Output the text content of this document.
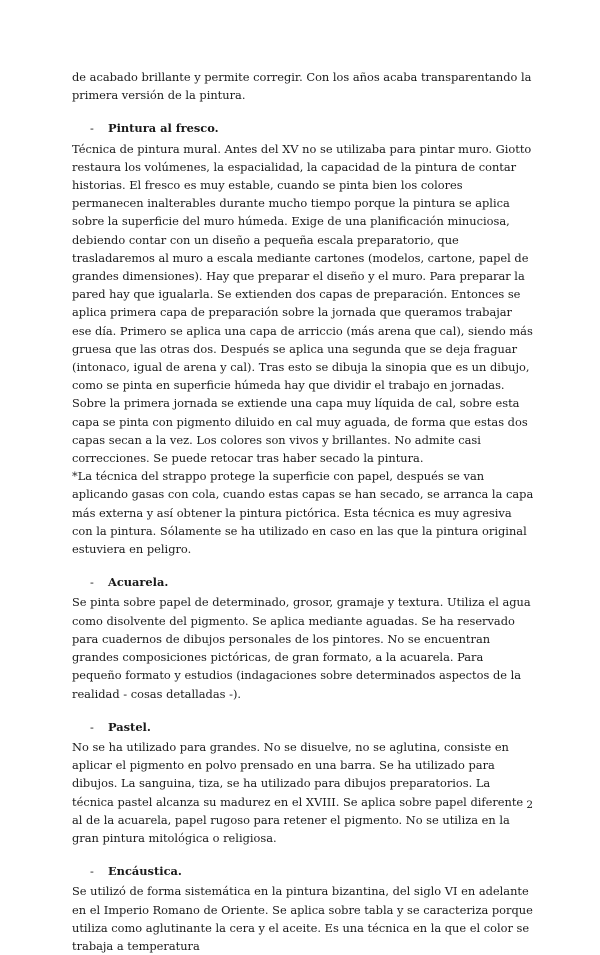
de acabado brillante y permite corregir. Con los años acaba transparentando la primera versión de la pintura.

-	Pintura al fresco.

Técnica de pintura mural. Antes del XV no se utilizaba para pintar muro. Giotto restaura los volúmenes, la espacialidad, la capacidad de la pintura de contar historias. El fresco es muy estable, cuando se pinta bien los colores permanecen inalterables durante mucho tiempo porque la pintura se aplica sobre la superficie del muro húmeda. Exige de una planificación minuciosa, debiendo contar con un diseño a pequeña escala preparatorio, que trasladaremos al muro a escala mediante cartones (modelos, cartone, papel de grandes dimensiones). Hay que preparar el diseño y el muro. Para preparar la pared hay que igualarla. Se extienden dos capas de preparación. Entonces se aplica primera capa de preparación sobre la jornada que queramos trabajar ese día. Primero se aplica una capa de arriccio (más arena que cal), siendo más gruesa que las otras dos. Después se aplica una segunda que se deja fraguar (intonaco, igual de arena y cal). Tras esto se dibuja la sinopia que es un dibujo, como se pinta en superficie húmeda hay que dividir el trabajo en jornadas. Sobre la primera jornada se extiende una capa muy líquida de cal, sobre esta capa se pinta con pigmento diluido en cal muy aguada, de forma que estas dos capas secan a la vez. Los colores son vivos y brillantes. No admite casi correcciones. Se puede retocar tras haber secado la pintura.

*La técnica del strappo protege la superficie con papel, después se van aplicando gasas con cola, cuando estas capas se han secado, se arranca la capa más externa y así obtener la pintura pictórica. Esta técnica es muy agresiva con la pintura. Sólamente se ha utilizado en caso en las que la pintura original estuviera en peligro.

-	Acuarela.

Se pinta sobre papel de determinado, grosor, gramaje y textura. Utiliza el agua como disolvente del pigmento. Se aplica mediante aguadas. Se ha reservado para cuadernos de dibujos personales de los pintores. No se encuentran grandes composiciones pictóricas, de gran formato, a la acuarela. Para pequeño formato y estudios (indagaciones sobre determinados aspectos de la realidad - cosas detalladas -).

-	Pastel.

No se ha utilizado para grandes. No se disuelve, no se aglutina, consiste en aplicar el pigmento en polvo prensado en una barra. Se ha utilizado para dibujos. La sanguina, tiza, se ha utilizado para dibujos preparatorios. La técnica pastel alcanza su madurez en el XVIII. Se aplica sobre papel diferente al de la acuarela, papel rugoso para retener el pigmento. No se utiliza en la gran pintura mitológica o religiosa.

-	Encáustica.

Se utilizó de forma sistemática en la pintura bizantina, del siglo VI en adelante en el Imperio Romano de Oriente. Se aplica sobre tabla y se caracteriza porque utiliza como aglutinante la cera y el aceite. Es una técnica en la que el color se trabaja a temperatura

2
